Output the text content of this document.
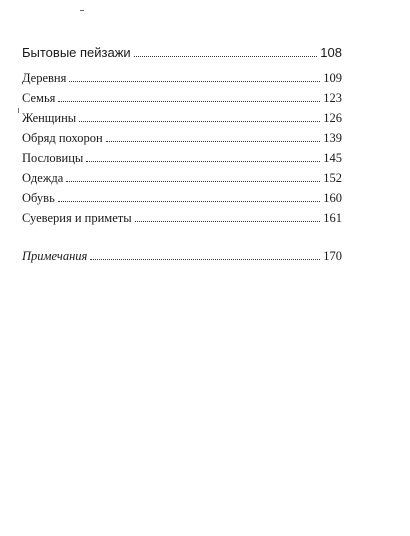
Бытовые пейзажи	108
Деревня	109
Семья	123
Женщины	126
Обряд похорон	139
Пословицы	145
Одежда	152
Обувь	160
Суеверия и приметы	161
Примечания	170
